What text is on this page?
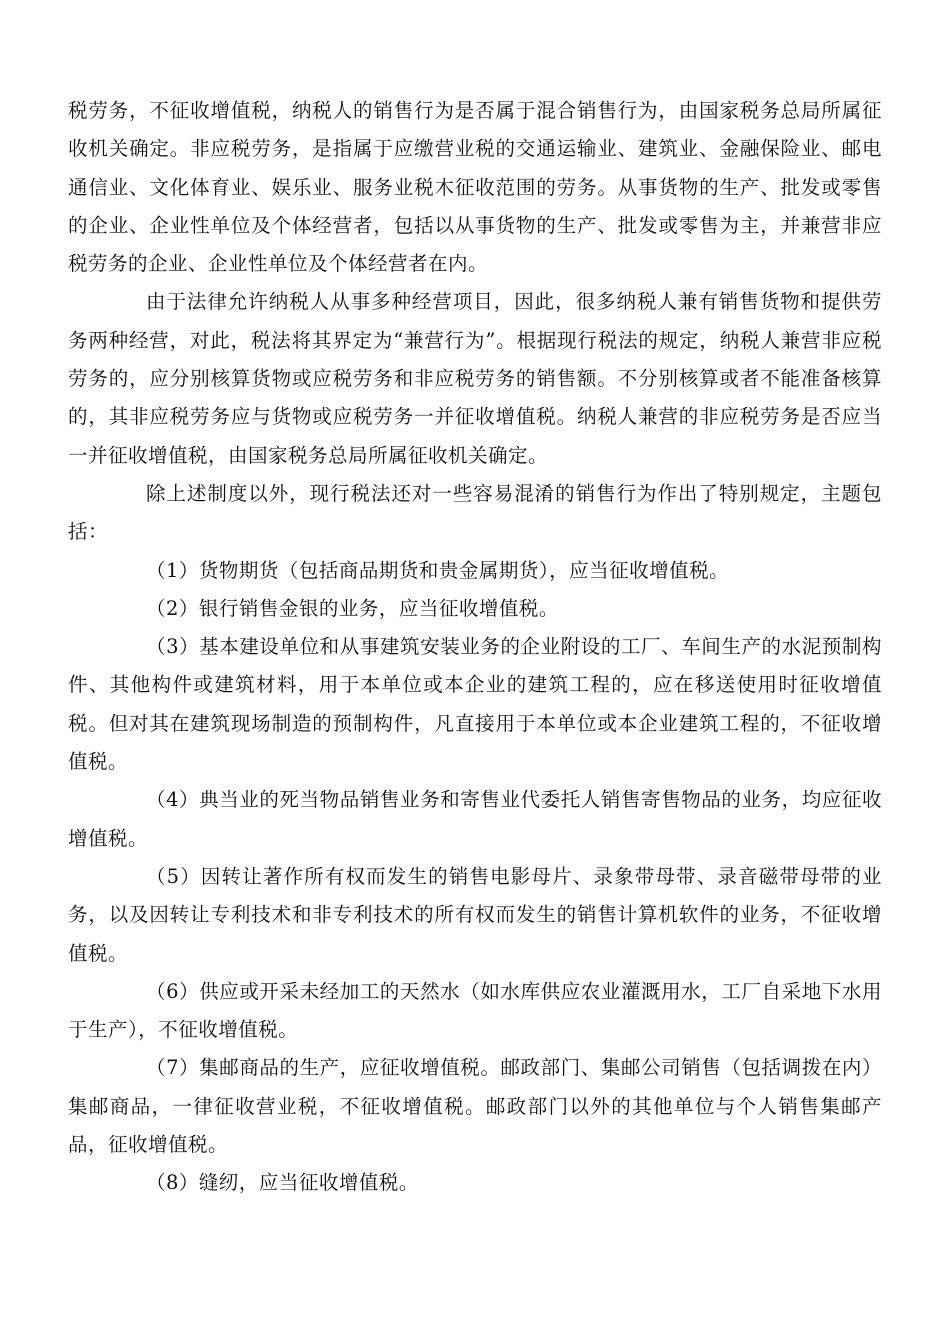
税劳务，不征收增值税，纳税人的销售行为是否属于混合销售行为，由国家税务总局所属征收机关确定。非应税劳务，是指属于应缴营业税的交通运输业、建筑业、金融保险业、邮电通信业、文化体育业、娱乐业、服务业税木征收范围的劳务。从事货物的生产、批发或零售的企业、企业性单位及个体经营者，包括以从事货物的生产、批发或零售为主，并兼营非应税劳务的企业、企业性单位及个体经营者在内。

由于法律允许纳税人从事多种经营项目，因此，很多纳税人兼有销售货物和提供劳务两种经营，对此，税法将其界定为“兼营行为”。根据现行税法的规定，纳税人兼营非应税劳务的，应分别核算货物或应税劳务和非应税劳务的销售额。不分别核算或者不能准备核算的，其非应税劳务应与货物或应税劳务一并征收增值税。纳税人兼营的非应税劳务是否应当一并征收增值税，由国家税务总局所属征收机关确定。

除上述制度以外，现行税法还对一些容易混淆的销售行为作出了特别规定，主题包括：

（1）货物期货（包括商品期货和贵金属期货），应当征收增值税。

（2）银行销售金银的业务，应当征收增值税。

（3）基本建设单位和从事建筑安装业务的企业附设的工厂、车间生产的水泥预制构件、其他构件或建筑材料，用于本单位或本企业的建筑工程的，应在移送使用时征收增值税。但对其在建筑现场制造的预制构件，凡直接用于本单位或本企业建筑工程的，不征收增值税。

（4）典当业的死当物品销售业务和寄售业代委托人销售寄售物品的业务，均应征收增值税。

（5）因转让著作所有权而发生的销售电影母片、录象带母带、录音磁带母带的业务，以及因转让专利技术和非专利技术的所有权而发生的销售计算机软件的业务，不征收增值税。

（6）供应或开采未经加工的天然水（如水库供应农业灌溉用水，工厂自采地下水用于生产），不征收增值税。

（7）集邮商品的生产，应征收增值税。邮政部门、集邮公司销售（包括调拨在内）集邮商品，一律征收营业税，不征收增值税。邮政部门以外的其他单位与个人销售集邮产品，征收增值税。

（8）缝纫，应当征收增值税。
